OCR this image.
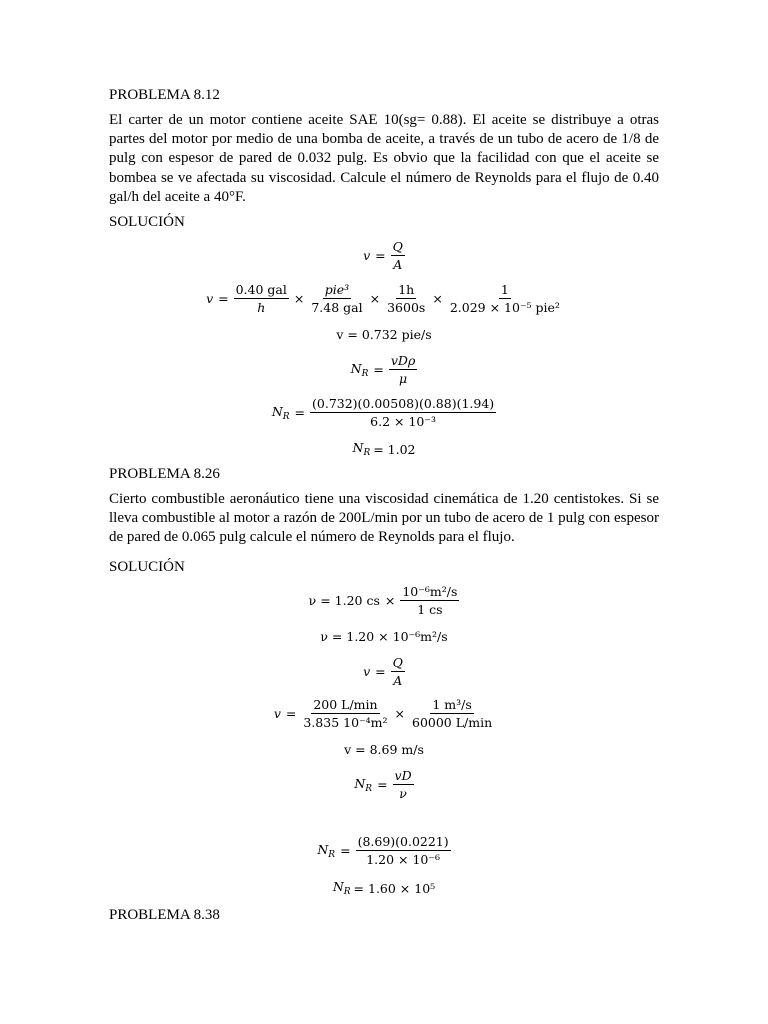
PROBLEMA 8.12
El carter de un motor contiene aceite SAE 10(sg= 0.88). El aceite se distribuye a otras partes del motor por medio de una bomba de aceite, a través de un tubo de acero de 1/8 de pulg con espesor de pared de 0.032 pulg. Es obvio que la facilidad con que el aceite se bombea se ve afectada su viscosidad. Calcule el número de Reynolds para el flujo de 0.40 gal/h del aceite a 40°F.
SOLUCIÓN
$v = \frac{Q}{A}$
$v = \frac{\text{0.40 gal}}{h} \times \frac{\text{pie³}}{\text{7.48 gal}} \times \frac{1h}{3600s} \times \frac{1}{\text{2.029 × 10⁻⁵ pie²}}$
v = 0.732 pie/s
$N_R = \frac{\text{vDρ}}{\mu}$
$N_R = \frac{(0.732)(0.00508)(0.88)(1.94)}{\text{6.2 × 10⁻³}}$
$N_R = 1.02$
PROBLEMA 8.26
Cierto combustible aeronáutico tiene una viscosidad cinemática de 1.20 centistokes. Si se lleva combustible al motor a razón de 200L/min por un tubo de acero de 1 pulg con espesor de pared de 0.065 pulg calcule el número de Reynolds para el flujo.
SOLUCIÓN
ν = 1.20 cs × $\frac{\text{10⁻⁶m²/s}}{1 cs}$
ν = 1.20 × 10⁻⁶m²/s
$v = \frac{Q}{A}$
$v = \frac{200 L/\min}{\text{3.835 10⁻⁴m²}} \times \frac{\text{1 m³/s}}{60000 L/\min}$
v = 8.69 m/s
$N_R = \frac{vD}{\nu}$
$N_R = \frac{(8.69)(0.0221)}{\text{1.20 × 10⁻⁶}}$
$N_R = 1.60 \times 10^5$
PROBLEMA 8.38
